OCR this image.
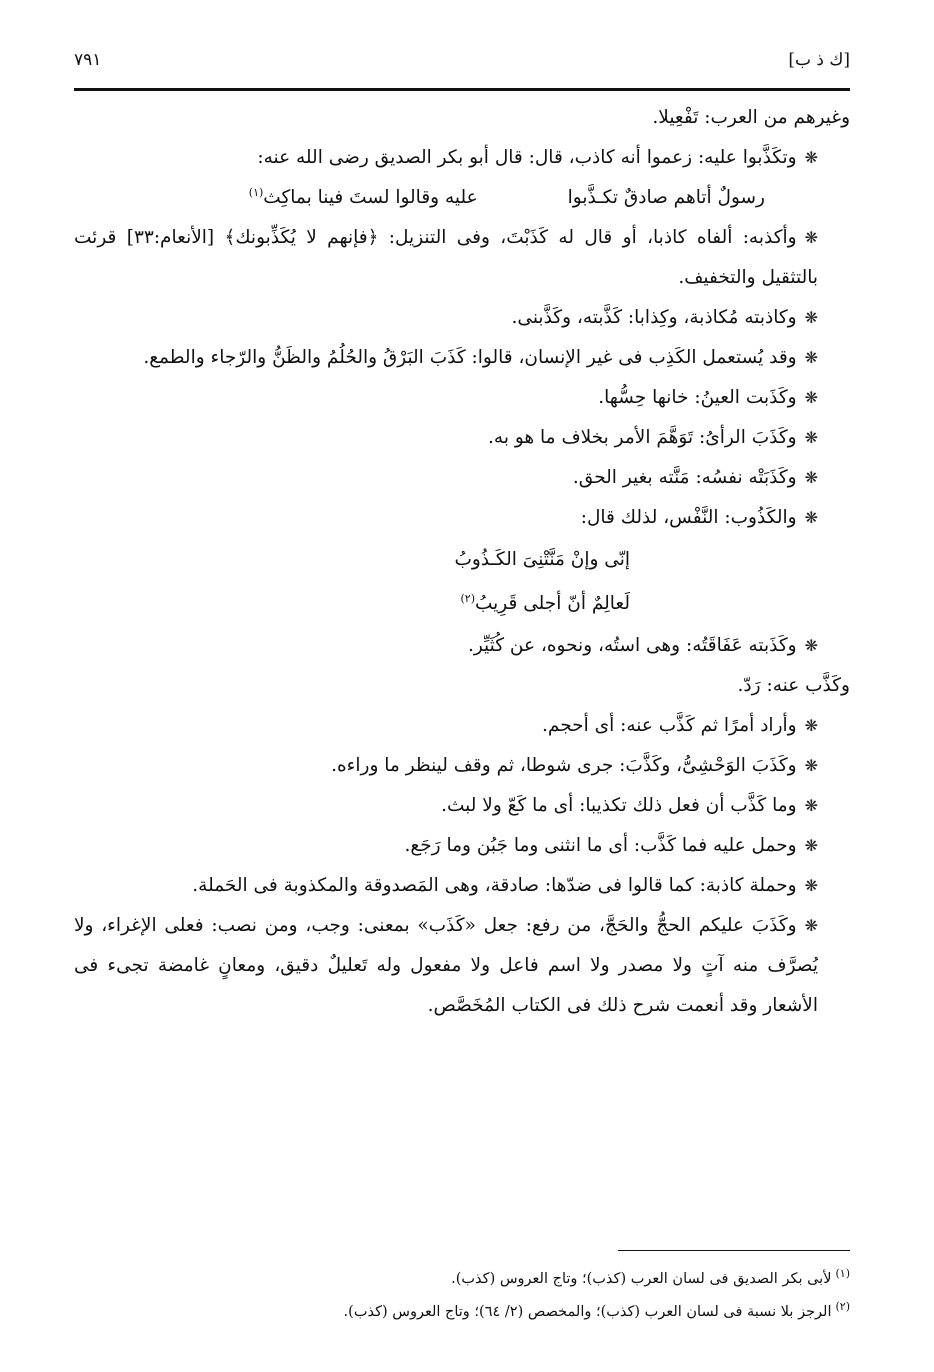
[ك ذ ب]
٧٩١

وغيرهم من العرب: تَفْعِيلا.

❋وتكَذَّبوا عليه: زعموا أنه كاذب، قال: قال أبو بكر الصديق رضى الله عنه:

رسولٌ أتاهم صادقٌ تكـذَّبوا
عليه وقالوا لستَ فينا بماكِث$^{(١)}$

❋وأكذبه: ألفاه كاذبا، أو قال له كَذَبْتَ، وفى التنزيل: ﴿فإنهم لا يُكَذِّبونك﴾ [الأنعام:٣٣] قرئت بالتثقيل والتخفيف.

❋وكاذبته مُكاذبة، وكِذابا: كَذَّبته، وكَذَّبنى.

❋وقد يُستعمل الكَذِب فى غير الإنسان، قالوا: كَذَبَ البَرْقُ والحُلُمُ والظَنُّ والرّجاء والطمع.

❋وكَذَبت العينُ: خانها حِسُّها.

❋وكَذَبَ الرأىُ: تَوَهَّمَ الأمر بخلاف ما هو به.

❋وكَذَبَتْه نفسُه: مَنَّته بغير الحق.

❋والكَذُوب: النَّفْس، لذلك قال:

إنّى وإنْ مَنَّتْنِىَ الكَـذُوبُ

لَعالِمٌ أنّ أجلى قَرِيبُ$^{(٢)}$

❋وكَذَبته عَفَاقَتُه: وهى استُه، ونحوه، عن كُثَيِّر.

وكَذَّب عنه: رَدّ.

❋وأراد أمرًا ثم كَذَّب عنه: أى أحجم.

❋وكَذَبَ الوَحْشِىُّ، وكَذَّبَ: جرى شوطا، ثم وقف لينظر ما وراءه.

❋وما كَذَّب أن فعل ذلك تكذيبا: أى ما كَعّ ولا لبث.

❋وحمل عليه فما كَذَّب: أى ما انثنى وما جَبُن وما رَجَع.

❋وحملة كاذبة: كما قالوا فى ضدّها: صادقة، وهى المَصدوقة والمكذوبة فى الحَملة.

❋وكَذَبَ عليكم الحجُّ والحَجَّ، من رفع: جعل «كَذَب» بمعنى: وجب، ومن نصب: فعلى الإغراء، ولا يُصرَّف منه آتٍ ولا مصدر ولا اسم فاعل ولا مفعول وله تَعليلٌ دقيق، ومعانٍ غامضة تجىء فى الأشعار وقد أنعمت شرح ذلك فى الكتاب المُخَصَّص.

$^{(١)}$لأبى بكر الصديق فى لسان العرب (كذب)؛ وتاج العروس (كذب).
$^{(٢)}$الرجز بلا نسبة فى لسان العرب (كذب)؛ والمخصص (٢/ ٦٤)؛ وتاج العروس (كذب).
